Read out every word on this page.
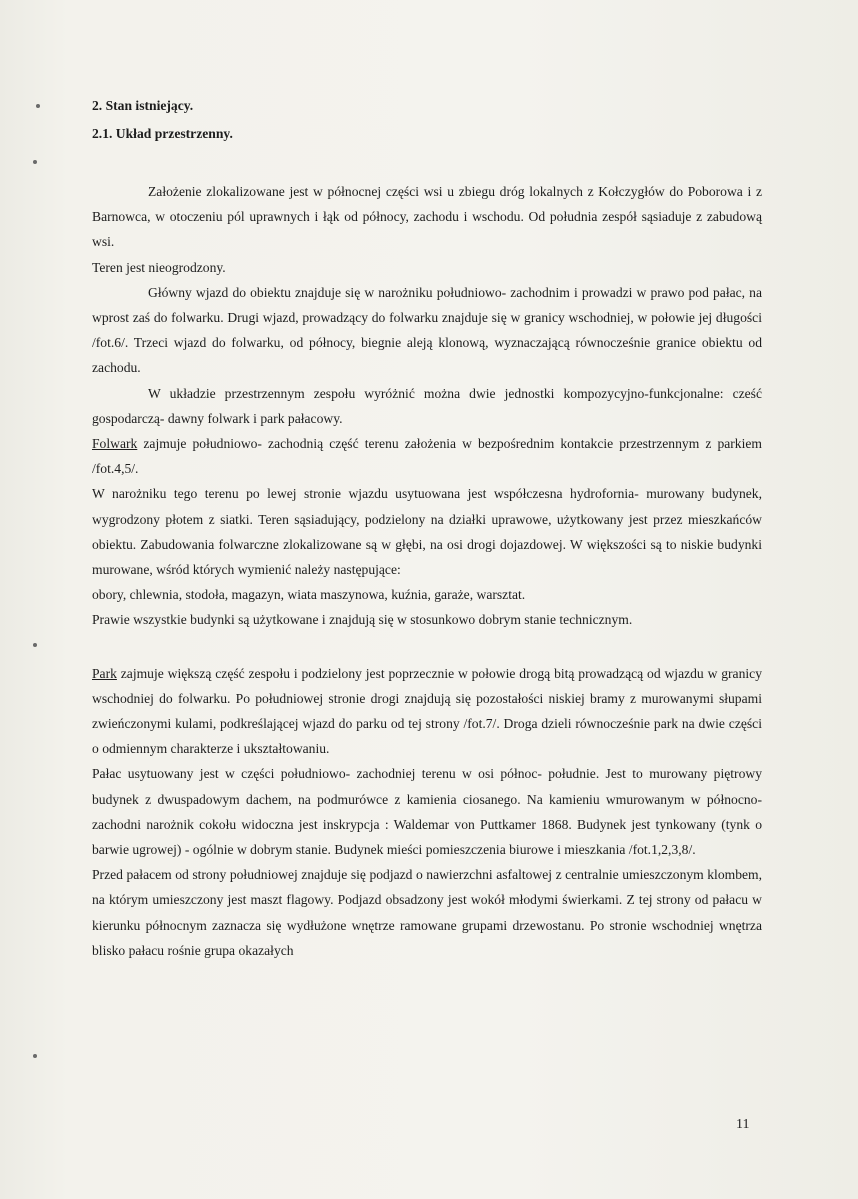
2. Stan istniejący.

2.1. Układ przestrzenny.

Założenie zlokalizowane jest w północnej części wsi u zbiegu dróg lokalnych z Kołczygłów do Poborowa i z Barnowca, w otoczeniu pól uprawnych i łąk od północy, zachodu i wschodu. Od południa zespół sąsiaduje z zabudową wsi.

Teren jest nieogrodzony.

Główny wjazd do obiektu znajduje się w narożniku południowo- zachodnim i prowadzi w prawo pod pałac, na wprost zaś do folwarku. Drugi wjazd, prowadzący do folwarku znajduje się w granicy wschodniej, w połowie jej długości /fot.6/. Trzeci wjazd do folwarku, od północy, biegnie aleją klonową, wyznaczającą równocześnie granice obiektu od zachodu.

W układzie przestrzennym zespołu wyróżnić można dwie jednostki kompozycyjno-funkcjonalne: cześć gospodarczą- dawny folwark i park pałacowy.

Folwark zajmuje południowo- zachodnią część terenu założenia w bezpośrednim kontakcie przestrzennym z parkiem /fot.4,5/.

W narożniku tego terenu po lewej stronie wjazdu usytuowana jest współczesna hydrofornia- murowany budynek, wygrodzony płotem z siatki. Teren sąsiadujący, podzielony na działki uprawowe, użytkowany jest przez mieszkańców obiektu. Zabudowania folwarczne zlokalizowane są w głębi, na osi drogi dojazdowej. W większości są to niskie budynki murowane, wśród których wymienić należy następujące:

obory, chlewnia, stodoła, magazyn, wiata maszynowa, kuźnia, garaże, warsztat.

Prawie wszystkie budynki są użytkowane i znajdują się w stosunkowo dobrym stanie technicznym.

Park zajmuje większą część zespołu i podzielony jest poprzecznie w połowie drogą bitą prowadzącą od wjazdu w granicy wschodniej do folwarku. Po południowej stronie drogi znajdują się pozostałości niskiej bramy z murowanymi słupami zwieńczonymi kulami, podkreślającej wjazd do parku od tej strony /fot.7/. Droga dzieli równocześnie park na dwie części o odmiennym charakterze i ukształtowaniu.

Pałac usytuowany jest w części południowo- zachodniej terenu w osi północ- południe. Jest to murowany piętrowy budynek z dwuspadowym dachem, na podmurówce z kamienia ciosanego. Na kamieniu wmurowanym w północno- zachodni narożnik cokołu widoczna jest inskrypcja : Waldemar von Puttkamer 1868. Budynek jest tynkowany (tynk o barwie ugrowej) - ogólnie w dobrym stanie. Budynek mieści pomieszczenia biurowe i mieszkania /fot.1,2,3,8/.

Przed pałacem od strony południowej znajduje się podjazd o nawierzchni asfaltowej z centralnie umieszczonym klombem, na którym umieszczony jest maszt flagowy. Podjazd obsadzony jest wokół młodymi świerkami. Z tej strony od pałacu w kierunku północnym zaznacza się wydłużone wnętrze ramowane grupami drzewostanu. Po stronie wschodniej wnętrza blisko pałacu rośnie grupa okazałych

11
